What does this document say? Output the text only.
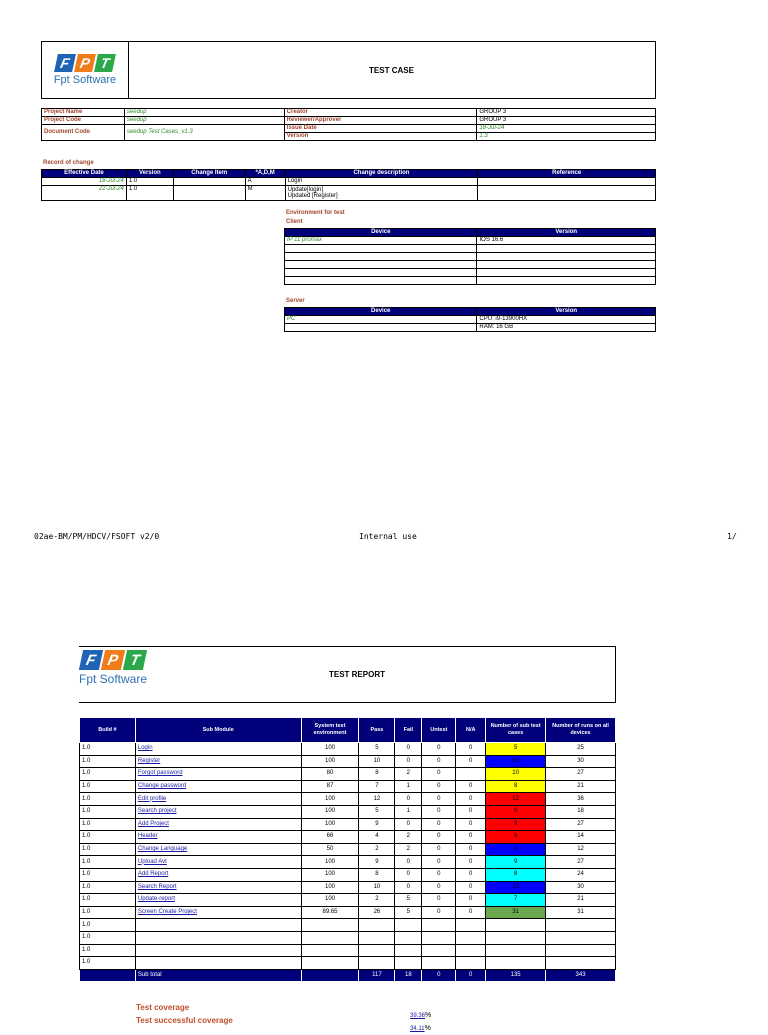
F P T
Fpt Software
TEST CASE
Project Name	seedup	Creator	GROUP 3
Project Code	seedup	Reviewer/Approver	GROUP 3
Document Code	seedup Test Cases_v1.3	Issue Date	18-Jul-24
		Version	1.3
Record of change
Effective Date	Version	Change Item	*A,D,M	Change description	Reference
18-Jul-24	1.0		A	Login	
22-Jul-24	1.0		M	Update[login]
Updated [Register]	

Environment for test
Client
Device	Version
IP 11 promax	IOS 16.6

Server
Device	Version
PC	CPU: i9-13900HX
	RAM: 16 GB
02ae-BM/PM/HDCV/FSOFT v2/0	Internal use	1/
F P T
Fpt Software	TEST REPORT
Build #	Sub Module	System test environment	Pass	Fail	Untest	N/A	Number of sub test cases	Number of runs on all devices
1.0	Login	100	5	0	0	0	5	25
1.0	Register	100	10	0	0	0	10	30
1.0	Forgot password	80	8	2	0		10	27
1.0	Change password	87	7	1	0	0	8	21
1.0	Edit profile	100	12	0	0	0	12	36
1.0	Search project	100	5	1	0	0	6	18
1.0	Add Project	100	9	0	0	0	9	27
1.0	Header	66	4	2	0	0	6	14
1.0	Change Language	50	2	2	0	0	4	12
1.0	Upload Avt	100	9	0	0	0	9	27
1.0	Add Report	100	8	0	0	0	8	24
1.0	Search Report	100	10	0	0	0	10	30
1.0	Update-report	100	2	5	0	0	7	21
1.0	Screen Create Project	89.65	26	5	0	0	31	31
1.0								
1.0								
1.0								
1.0								
	Sub total		117	18	0	0	135	343
Test coverage
39.36%
Test successful coverage
34.11%
